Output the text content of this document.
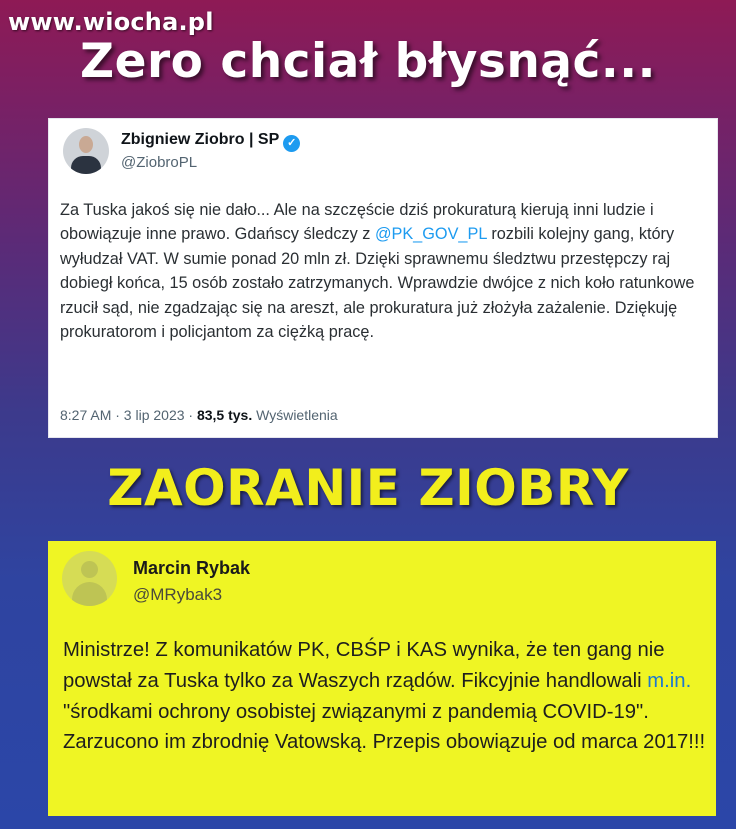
www.wiocha.pl
Zero chciał błysnąć...
Zbigniew Ziobro | SP ✓
@ZiobroPL
Za Tuska jakoś się nie dało... Ale na szczęście dziś prokuraturą kierują inni ludzie i obowiązuje inne prawo. Gdańscy śledczy z @PK_GOV_PL rozbili kolejny gang, który wyłudzał VAT. W sumie ponad 20 mln zł. Dzięki sprawnemu śledztwu przestępczy raj dobiegł końca, 15 osób zostało zatrzymanych. Wprawdzie dwójce z nich koło ratunkowe rzucił sąd, nie zgadzając się na areszt, ale prokuratura już złożyła zażalenie. Dziękuję prokuratorom i policjantom za ciężką pracę.
8:27 AM · 3 lip 2023 · 83,5 tys. Wyświetlenia
ZAORANIE ZIOBRY
Marcin Rybak
@MRybak3
Ministrze! Z komunikatów PK, CBŚP i KAS wynika, że ten gang nie powstał za Tuska tylko za Waszych rządów. Fikcyjnie handlowali m.in. "środkami ochrony osobistej związanymi z pandemią COVID-19". Zarzucono im zbrodnię Vatowską. Przepis obowiązuje od marca 2017!!!
